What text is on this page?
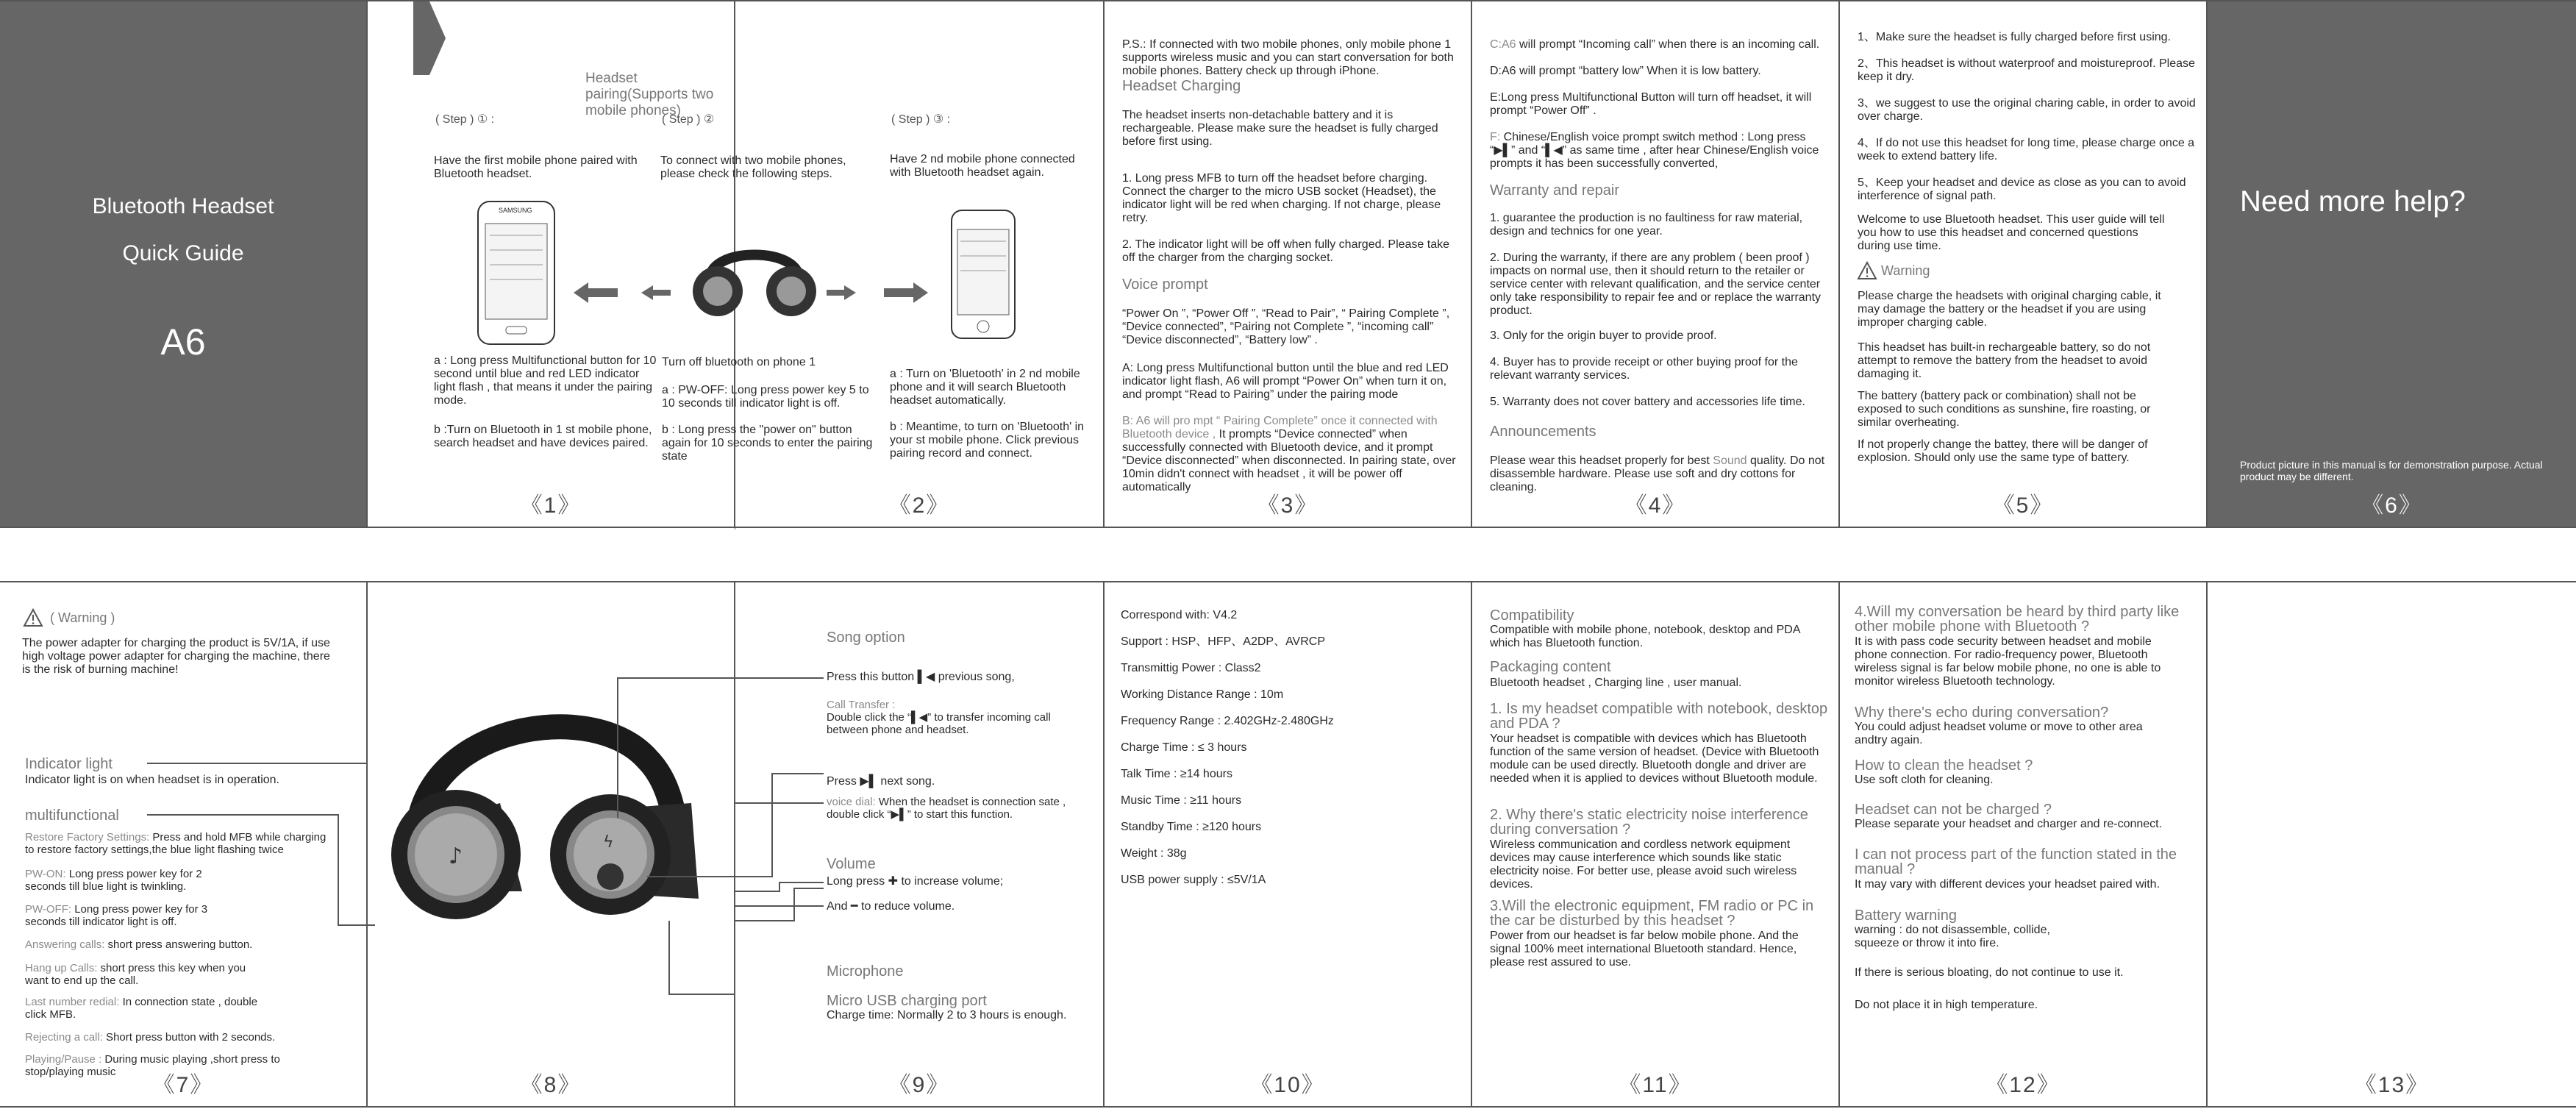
Bluetooth Headset
Quick Guide
A6
Headset pairing(Supports two mobile phones)
( Step ) ① :
Have the first mobile phone paired with Bluetooth headset.
SAMSUNG
a : Long press Multifunctional button for 10 second until blue and red LED indicator light flash , that means it under the pairing mode.
b :Turn on Bluetooth in 1 st mobile phone, search headset and have devices paired.
《1》
( Step ) ②
To connect with two mobile phones, please check the following steps.
( Step ) ③ :
Have 2 nd mobile phone connected with Bluetooth headset again.
Turn off bluetooth on phone 1
a : PW-OFF: Long press power key 5 to 10 seconds till indicator light is off.
b : Long press the "power on" button again for 10 seconds to enter the pairing state
a : Turn on 'Bluetooth' in 2 nd mobile phone and it will search Bluetooth headset automatically.
b : Meantime, to turn on 'Bluetooth' in your st mobile phone. Click previous pairing record and connect.
《2》
P.S.: If connected with two mobile phones, only mobile phone 1 supports wireless music and you can start conversation for both mobile phones. Battery check up through iPhone.
Headset Charging
The headset inserts non-detachable battery and it is rechargeable. Please make sure the headset is fully charged before first using.
1. Long press MFB to turn off the headset before charging. Connect the charger to the micro USB socket (Headset), the indicator light will be red when charging. If not charge, please retry.
2. The indicator light will be off when fully charged. Please take off the charger from the charging socket.
Voice prompt
“Power On ”, “Power Off ”, “Read to Pair”, “ Pairing Complete ”, “Device connected”, “Pairing not Complete ”, “incoming call” “Device disconnected”, “Battery low” .
A: Long press Multifunctional button until the blue and red LED indicator light flash, A6 will prompt “Power On” when turn it on, and prompt “Read to Pairing” under the pairing mode
B: A6 will pro mpt “ Pairing Complete” once it connected with Bluetooth device , It prompts “Device connected” when successfully connected with Bluetooth device, and it prompt “Device disconnected” when disconnected. In pairing state, over 10min didn't connect with headset , it will be power off automatically
《3》
C:A6 will prompt “Incoming call” when there is an incoming call.
D:A6 will prompt “battery low” When it is low battery.
E:Long press Multifunctional Button will turn off headset, it will prompt “Power Off” .
F: Chinese/English voice prompt switch method : Long press “▶▌” and “▌◀” as same time , after hear Chinese/English voice prompts it has been successfully converted,
Warranty and repair
1. guarantee the production is no faultiness for raw material, design and technics for one year.
2. During the warranty, if there are any problem ( been proof ) impacts on normal use, then it should return to the retailer or service center with relevant qualification, and the service center only take responsibility to repair fee and or replace the warranty product.
3. Only for the origin buyer to provide proof.
4. Buyer has to provide receipt or other buying proof for the relevant warranty services.
5. Warranty does not cover battery and accessories life time.
Announcements
Please wear this headset properly for best Sound quality. Do not disassemble hardware. Please use soft and dry cottons for cleaning.
《4》
1、Make sure the headset is fully charged before first using.
2、This headset is without waterproof and moistureproof. Please keep it dry.
3、we suggest to use the original charing cable, in order to avoid over charge.
4、If do not use this headset for long time, please charge once a week to extend battery life.
5、Keep your headset and device as close as you can to avoid interference of signal path.
Welcome to use Bluetooth headset. This user guide will tell you how to use this headset and concerned questions during use time.
Warning
Please charge the headsets with original charging cable, it may damage the battery or the headset if you are using improper charging cable.
This headset has built-in rechargeable battery, so do not attempt to remove the battery from the headset to avoid damaging it.
The battery (battery pack or combination) shall not be exposed to such conditions as sunshine, fire roasting, or similar overheating.
If not properly change the battey, there will be danger of explosion. Should only use the same type of battery.
《5》
Need more help?
Product picture in this manual is for demonstration purpose. Actual product may be different.
《6》
( Warning )
The power adapter for charging the product is 5V/1A, if use high voltage power adapter for charging the machine, there is the risk of burning machine!
Indicator light
Indicator light is on when headset is in operation.
multifunctional
Restore Factory Settings: Press and hold MFB while charging to restore factory settings,the blue light flashing twice
PW-ON: Long press power key for 2 seconds till blue light is twinkling.
PW-OFF: Long press power key for 3 seconds till indicator light is off.
Answering calls: short press answering button.
Hang up Calls: short press this key when you want to end up the call.
Last number redial: In connection state , double click MFB.
Rejecting a call: Short press button with 2 seconds.
Playing/Pause : During music playing ,short press to stop/playing music
《7》
♪
ϟ
《8》
Song option
Press this button ▌◀ previous song,
Call Transfer :
Double click the “▌◀” to transfer incoming call between phone and headset.
Press ▶▌ next song.
voice dial: When the headset is connection sate , double click “▶▌” to start this function.
Volume
Long press ✚ to increase volume;
And ━ to reduce volume.
Microphone
Micro USB charging port
Charge time: Normally 2 to 3 hours is enough.
《9》
Correspond with: V4.2
Support : HSP、HFP、A2DP、AVRCP
Transmittig Power : Class2
Working Distance Range : 10m
Frequency Range : 2.402GHz-2.480GHz
Charge Time : ≤ 3 hours
Talk Time : ≥14 hours
Music Time : ≥11 hours
Standby Time : ≥120 hours
Weight : 38g
USB power supply : ≤5V/1A
《10》
Compatibility
Compatible with mobile phone, notebook, desktop and PDA which has Bluetooth function.
Packaging content
Bluetooth headset , Charging line , user manual.
1. Is my headset compatible with notebook, desktop and PDA ?
Your headset is compatible with devices which has Bluetooth function of the same version of headset. (Device with Bluetooth module can be used directly. Bluetooth dongle and driver are needed when it is applied to devices without Bluetooth module.
2. Why there's static electricity noise interference during conversation ?
Wireless communication and cordless network equipment devices may cause interference which sounds like static electricity noise. For better use, please avoid such wireless devices.
3.Will the electronic equipment, FM radio or PC in the car be disturbed by this headset ?
Power from our headset is far below mobile phone. And the signal 100% meet international Bluetooth standard. Hence, please rest assured to use.
《11》
4.Will my conversation be heard by third party like other mobile phone with Bluetooth ?
It is with pass code security between headset and mobile phone connection. For radio-frequency power, Bluetooth wireless signal is far below mobile phone, no one is able to monitor wireless Bluetooth technology.
Why there's echo during conversation?
You could adjust headset volume or move to other area andtry again.
How to clean the headset ?
Use soft cloth for cleaning.
Headset can not be charged ?
Please separate your headset and charger and re-connect.
I can not process part of the function stated in the manual ?
It may vary with different devices your headset paired with.
Battery warning
warning : do not disassemble, collide, squeeze or throw it into fire.
If there is serious bloating, do not continue to use it.
Do not place it in high temperature.
《12》	《13》
